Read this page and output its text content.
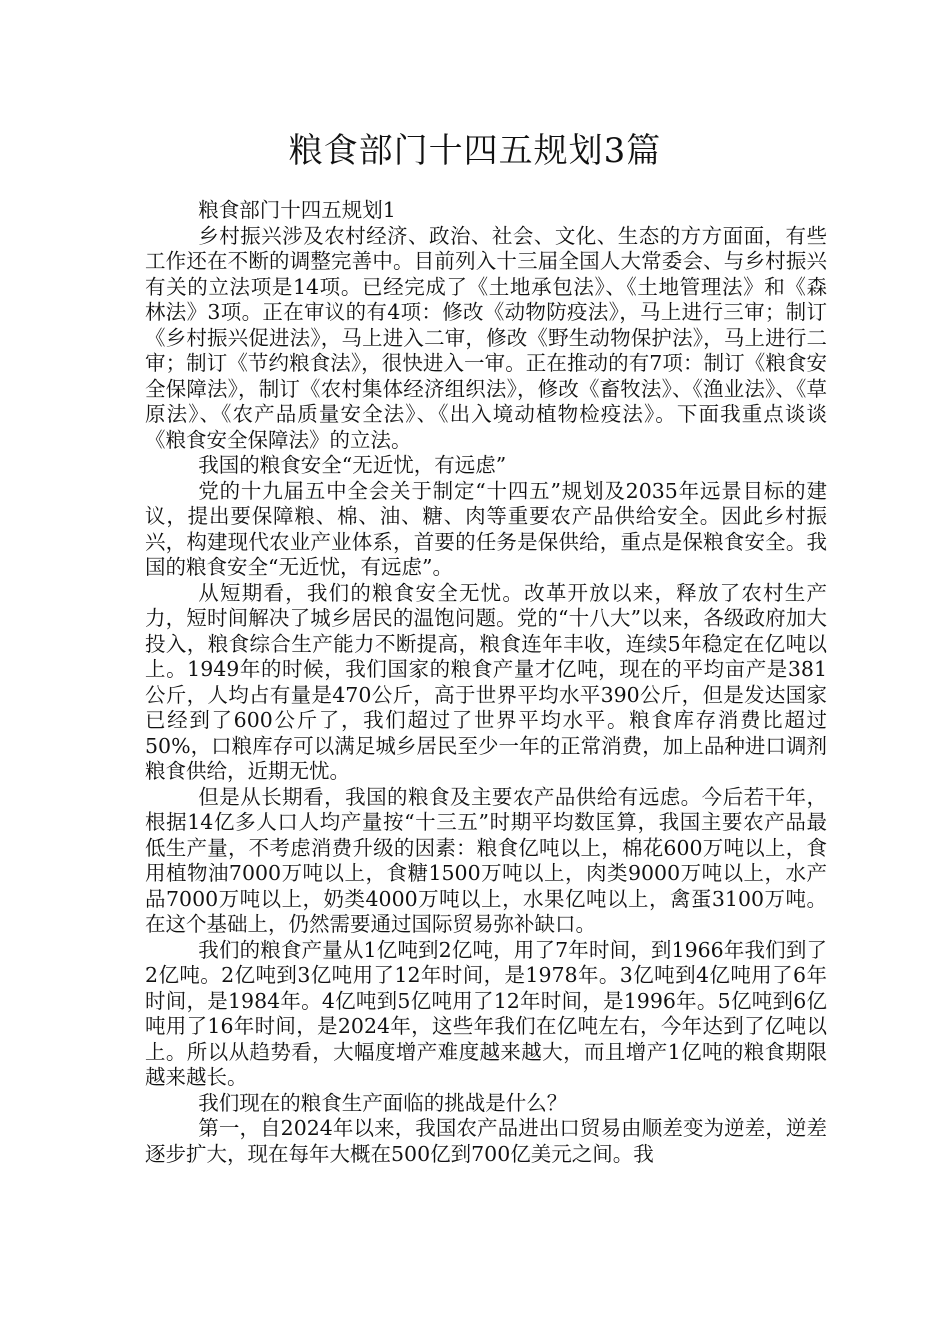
粮食部门十四五规划3篇

粮食部门十四五规划1

乡村振兴涉及农村经济、政治、社会、文化、生态的方方面面，有些工作还在不断的调整完善中。目前列入十三届全国人大常委会、与乡村振兴有关的立法项是14项。已经完成了《土地承包法》、《土地管理法》和《森林法》3项。正在审议的有4项：修改《动物防疫法》，马上进行三审；制订《乡村振兴促进法》，马上进入二审，修改《野生动物保护法》，马上进行二审；制订《节约粮食法》，很快进入一审。正在推动的有7项：制订《粮食安全保障法》，制订《农村集体经济组织法》，修改《畜牧法》、《渔业法》、《草原法》、《农产品质量安全法》、《出入境动植物检疫法》。下面我重点谈谈《粮食安全保障法》的立法。

我国的粮食安全“无近忧，有远虑”

党的十九届五中全会关于制定“十四五”规划及2035年远景目标的建议，提出要保障粮、棉、油、糖、肉等重要农产品供给安全。因此乡村振兴，构建现代农业产业体系，首要的任务是保供给，重点是保粮食安全。我国的粮食安全“无近忧，有远虑”。

从短期看，我们的粮食安全无忧。改革开放以来，释放了农村生产力，短时间解决了城乡居民的温饱问题。党的“十八大”以来，各级政府加大投入，粮食综合生产能力不断提高，粮食连年丰收，连续5年稳定在亿吨以上。1949年的时候，我们国家的粮食产量才亿吨，现在的平均亩产是381公斤，人均占有量是470公斤，高于世界平均水平390公斤，但是发达国家已经到了600公斤了，我们超过了世界平均水平。粮食库存消费比超过50%，口粮库存可以满足城乡居民至少一年的正常消费，加上品种进口调剂粮食供给，近期无忧。

但是从长期看，我国的粮食及主要农产品供给有远虑。今后若干年，根据14亿多人口人均产量按“十三五”时期平均数匡算，我国主要农产品最低生产量，不考虑消费升级的因素：粮食亿吨以上，棉花600万吨以上，食用植物油7000万吨以上，食糖1500万吨以上，肉类9000万吨以上，水产品7000万吨以上，奶类4000万吨以上，水果亿吨以上，禽蛋3100万吨。在这个基础上，仍然需要通过国际贸易弥补缺口。

我们的粮食产量从1亿吨到2亿吨，用了7年时间，到1966年我们到了2亿吨。2亿吨到3亿吨用了12年时间，是1978年。3亿吨到4亿吨用了6年时间，是1984年。4亿吨到5亿吨用了12年时间，是1996年。5亿吨到6亿吨用了16年时间，是2024年，这些年我们在亿吨左右，今年达到了亿吨以上。所以从趋势看，大幅度增产难度越来越大，而且增产1亿吨的粮食期限越来越长。

我们现在的粮食生产面临的挑战是什么？

第一，自2024年以来，我国农产品进出口贸易由顺差变为逆差，逆差逐步扩大，现在每年大概在500亿到700亿美元之间。我
